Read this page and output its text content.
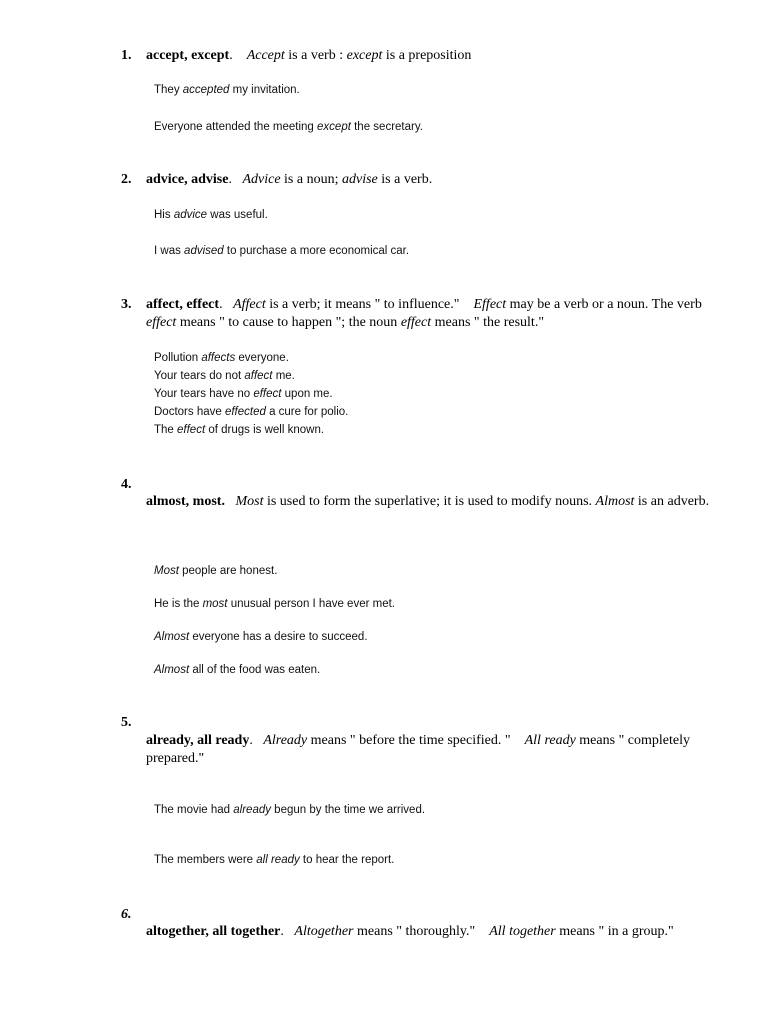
1. accept, except. Accept is a verb : except is a preposition
They accepted my invitation.
Everyone attended the meeting except the secretary.
2. advice, advise. Advice is a noun; advise is a verb.
His advice was useful.
I was advised to purchase a more economical car.
3. affect, effect. Affect is a verb; it means " to influence." Effect may be a verb or a noun. The verb effect means " to cause to happen "; the noun effect means " the result."
Pollution affects everyone.
Your tears do not affect me.
Your tears have no effect upon me.
Doctors have effected a cure for polio.
The effect of drugs is well known.
4.
almost, most. Most is used to form the superlative; it is used to modify nouns. Almost is an adverb.
Most people are honest.
He is the most unusual person I have ever met.
Almost everyone has a desire to succeed.
Almost all of the food was eaten.
5.
already, all ready. Already means " before the time specified. " All ready means " completely prepared."
The movie had already begun by the time we arrived.
The members were all ready to hear the report.
6.
altogether, all together. Altogether means " thoroughly." All together means " in a group."
